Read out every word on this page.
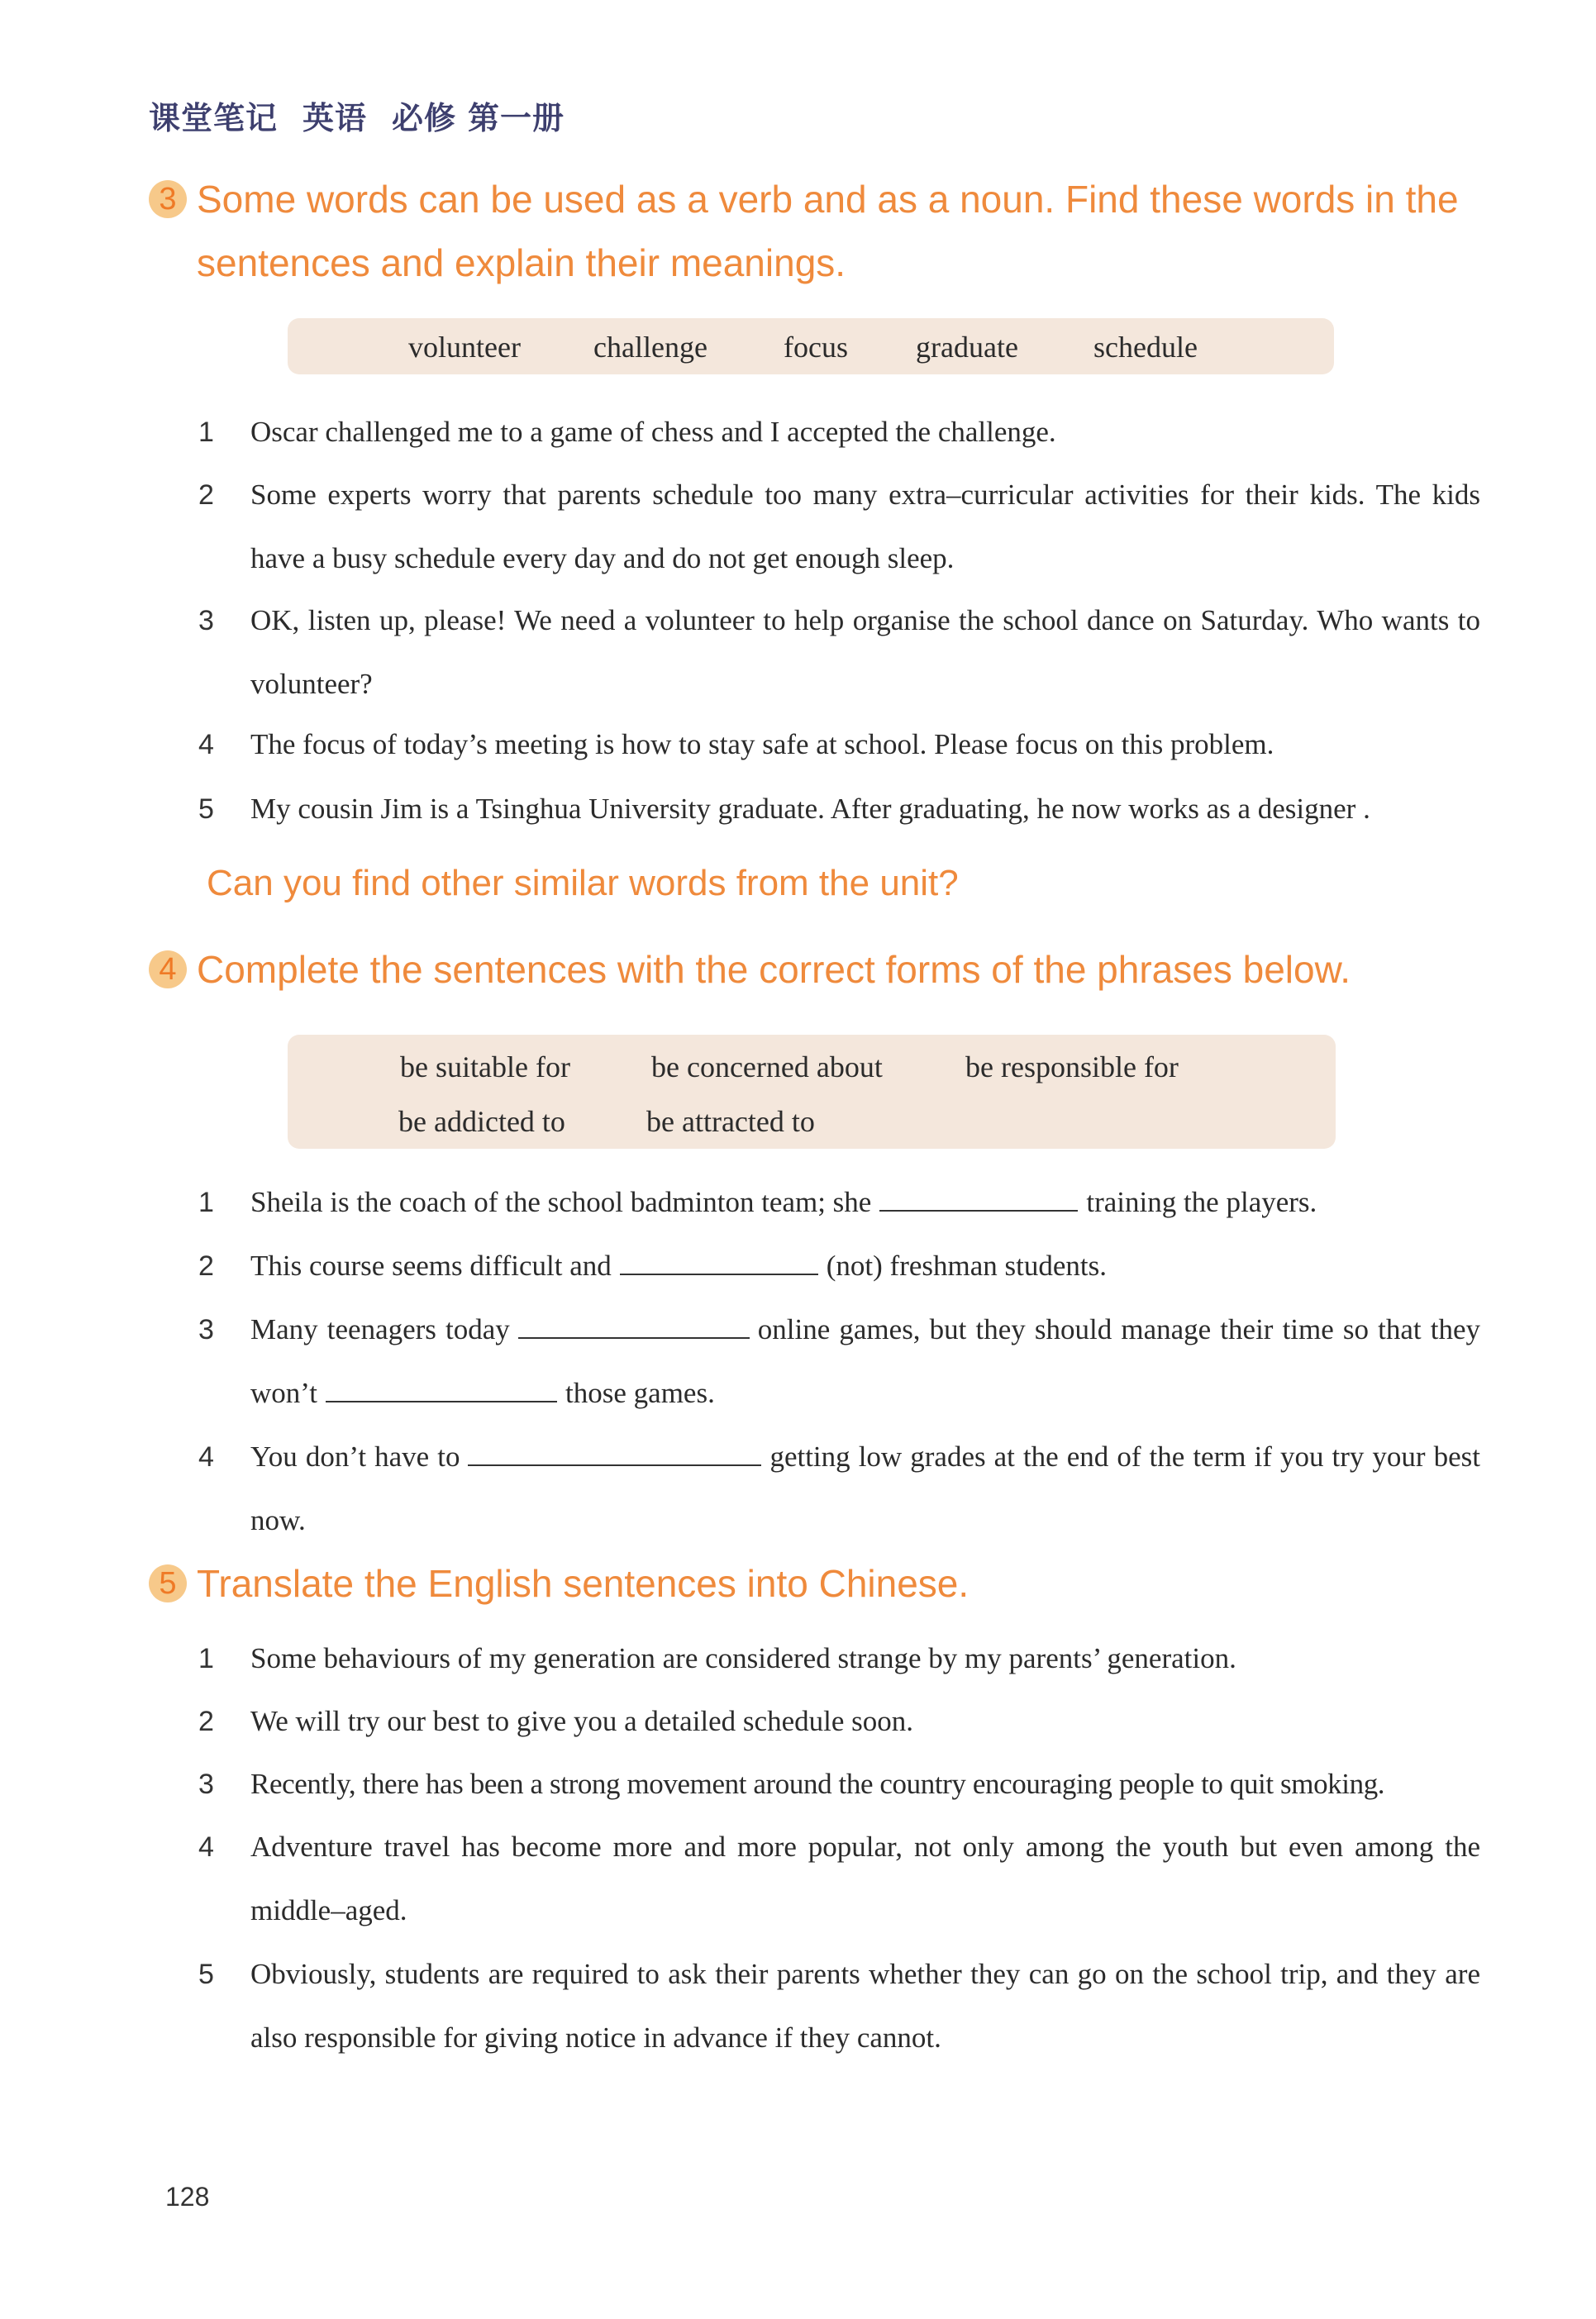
课堂笔记 英语 必修 第一册
3 Some words can be used as a verb and as a noun. Find these words in the
sentences and explain their meanings.
volunteer challenge	focus graduate	schedule
1 Oscar challenged me to a game of chess and I accepted the challenge.
2 Some experts worry that parents schedule too many extra–curricular activities for their kids. The kids have a busy schedule every day and do not get enough sleep.
3 OK, listen up, please! We need a volunteer to help organise the school dance on Saturday. Who wants to volunteer?
4 The focus of today’s meeting is how to stay safe at school. Please focus on this problem.
5 My cousin Jim is a Tsinghua University graduate. After graduating, he now works as a designer .
Can you find other similar words from the unit?
4 Complete the sentences with the correct forms of the phrases below.
be suitable for	be concerned about	be responsible for
be addicted to	be attracted to
1 Sheila is the coach of the school badminton team; she	training the players.
2 This course seems difficult and	(not) freshman students.
3 Many teenagers today	online games, but they should manage their time so that they won’t	those games.
4 You don’t have to	getting low grades at the end of the term if you try your best now.
5 Translate the English sentences into Chinese.
1 Some behaviours of my generation are considered strange by my parents’ generation.
2 We will try our best to give you a detailed schedule soon.
3 Recently, there has been a strong movement around the country encouraging people to quit smoking.
4 Adventure travel has become more and more popular, not only among the youth but even among the middle–aged.
5 Obviously, students are required to ask their parents whether they can go on the school trip, and they are also responsible for giving notice in advance if they cannot.
128
